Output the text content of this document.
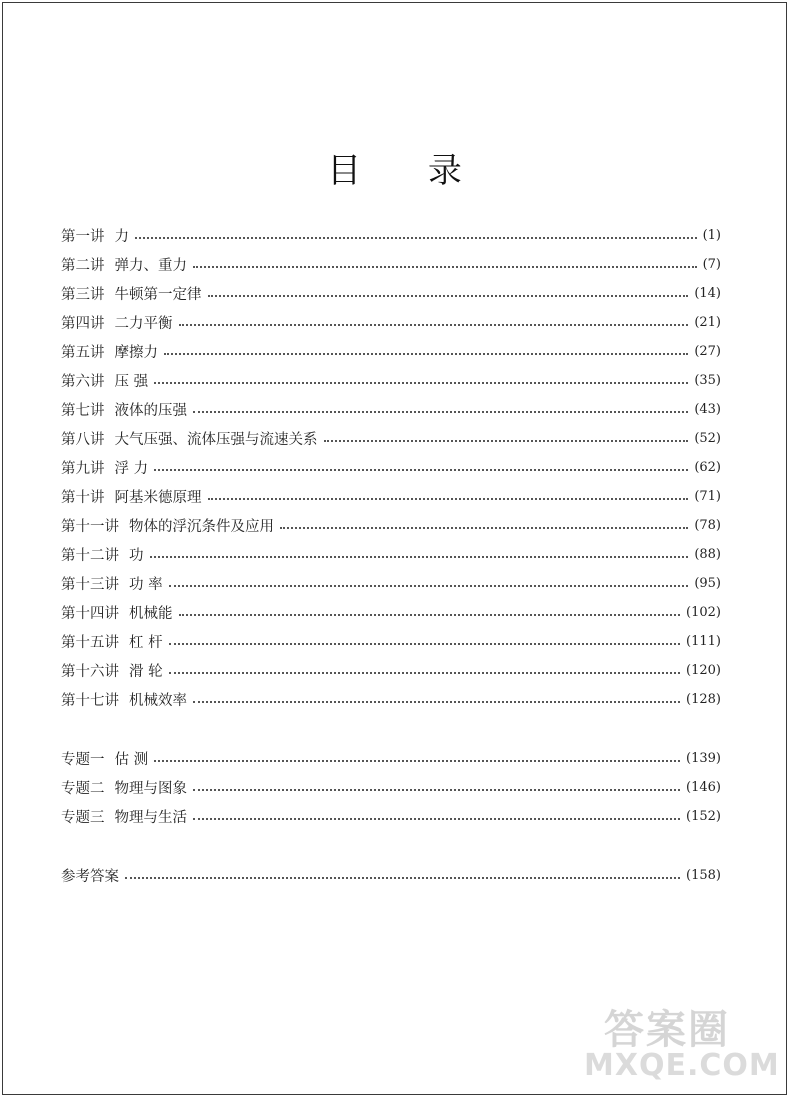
目 录
第一讲 力	(1)
第二讲 弹力、重力	(7)
第三讲 牛顿第一定律	(14)
第四讲 二力平衡	(21)
第五讲 摩擦力	(27)
第六讲 压 强	(35)
第七讲 液体的压强	(43)
第八讲 大气压强、流体压强与流速关系	(52)
第九讲 浮 力	(62)
第十讲 阿基米德原理	(71)
第十一讲 物体的浮沉条件及应用	(78)
第十二讲 功	(88)
第十三讲 功 率	(95)
第十四讲 机械能	(102)
第十五讲 杠 杆	(111)
第十六讲 滑 轮	(120)
第十七讲 机械效率	(128)
专题一 估 测	(139)
专题二 物理与图象	(146)
专题三 物理与生活	(152)
参考答案	(158)
答案圈
MXQE.COM
